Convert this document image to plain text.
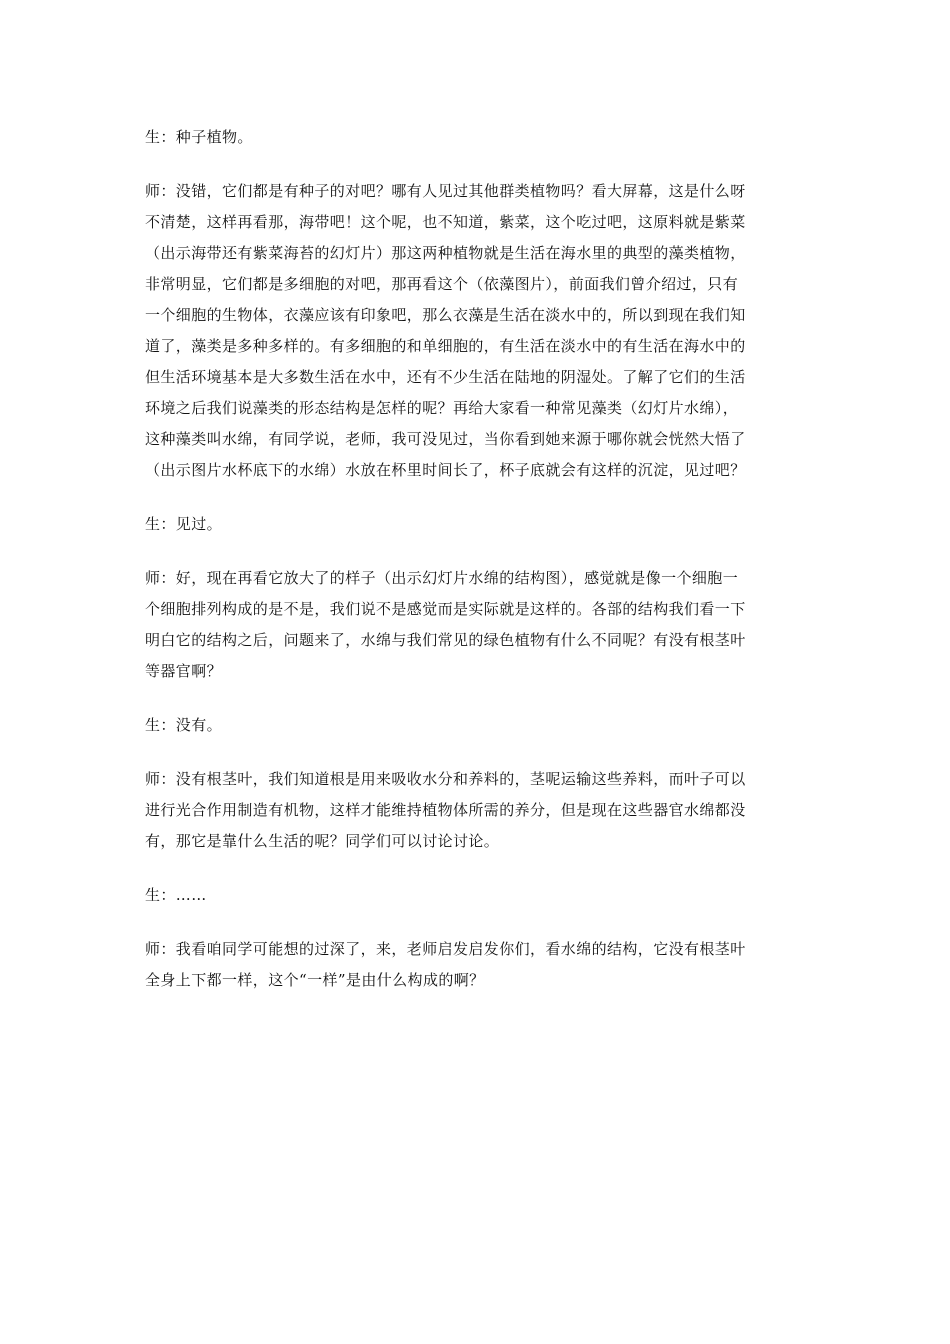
生：种子植物。

师：没错，它们都是有种子的对吧？哪有人见过其他群类植物吗？看大屏幕，这是什么呀
不清楚，这样再看那，海带吧！这个呢，也不知道，紫菜，这个吃过吧，这原料就是紫菜
（出示海带还有紫菜海苔的幻灯片）那这两种植物就是生活在海水里的典型的藻类植物，
非常明显，它们都是多细胞的对吧，那再看这个（依藻图片），前面我们曾介绍过，只有
一个细胞的生物体，衣藻应该有印象吧，那么衣藻是生活在淡水中的，所以到现在我们知
道了，藻类是多种多样的。有多细胞的和单细胞的，有生活在淡水中的有生活在海水中的
但生活环境基本是大多数生活在水中，还有不少生活在陆地的阴湿处。了解了它们的生活
环境之后我们说藻类的形态结构是怎样的呢？再给大家看一种常见藻类（幻灯片水绵），
这种藻类叫水绵，有同学说，老师，我可没见过，当你看到她来源于哪你就会恍然大悟了
（出示图片水杯底下的水绵）水放在杯里时间长了，杯子底就会有这样的沉淀，见过吧？

生：见过。

师：好，现在再看它放大了的样子（出示幻灯片水绵的结构图），感觉就是像一个细胞一
个细胞排列构成的是不是，我们说不是感觉而是实际就是这样的。各部的结构我们看一下
明白它的结构之后，问题来了，水绵与我们常见的绿色植物有什么不同呢？有没有根茎叶
等器官啊？

生：没有。

师：没有根茎叶，我们知道根是用来吸收水分和养料的，茎呢运输这些养料，而叶子可以
进行光合作用制造有机物，这样才能维持植物体所需的养分，但是现在这些器官水绵都没
有，那它是靠什么生活的呢？同学们可以讨论讨论。

生：……

师：我看咱同学可能想的过深了，来，老师启发启发你们，看水绵的结构，它没有根茎叶
全身上下都一样，这个“一样”是由什么构成的啊？
